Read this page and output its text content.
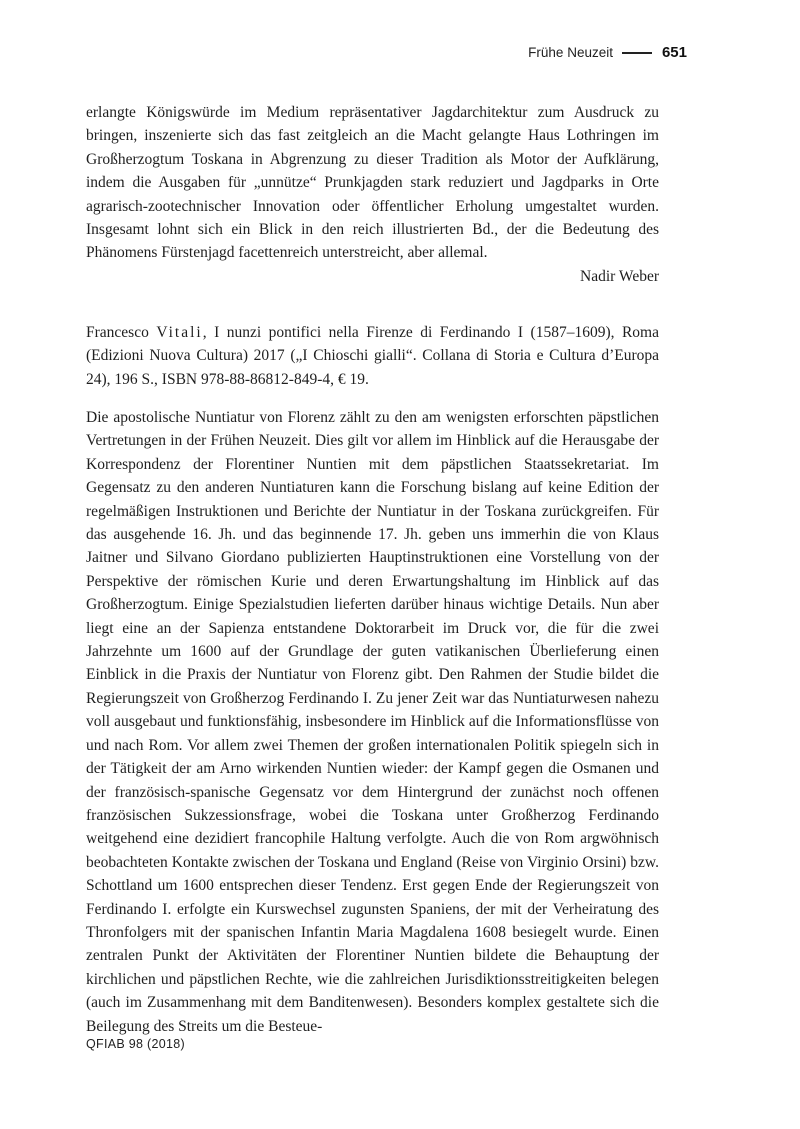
Frühe Neuzeit	651

erlangte Königswürde im Medium repräsentativer Jagdarchitektur zum Ausdruck zu bringen, inszenierte sich das fast zeitgleich an die Macht gelangte Haus Lothringen im Großherzogtum Toskana in Abgrenzung zu dieser Tradition als Motor der Aufklärung, indem die Ausgaben für „unnütze“ Prunkjagden stark reduziert und Jagdparks in Orte agrarisch-zootechnischer Innovation oder öffentlicher Erholung umgestaltet wurden. Insgesamt lohnt sich ein Blick in den reich illustrierten Bd., der die Bedeutung des Phänomens Fürstenjagd facettenreich unterstreicht, aber allemal.

Nadir Weber

Francesco Vitali, I nunzi pontifici nella Firenze di Ferdinando I (1587–1609), Roma (Edizioni Nuova Cultura) 2017 („I Chioschi gialli“. Collana di Storia e Cultura d’Europa 24), 196 S., ISBN 978-88-86812-849-4, € 19.

Die apostolische Nuntiatur von Florenz zählt zu den am wenigsten erforschten päpstlichen Vertretungen in der Frühen Neuzeit. Dies gilt vor allem im Hinblick auf die Herausgabe der Korrespondenz der Florentiner Nuntien mit dem päpstlichen Staatssekretariat. Im Gegensatz zu den anderen Nuntiaturen kann die Forschung bislang auf keine Edition der regelmäßigen Instruktionen und Berichte der Nuntiatur in der Toskana zurückgreifen. Für das ausgehende 16. Jh. und das beginnende 17. Jh. geben uns immerhin die von Klaus Jaitner und Silvano Giordano publizierten Hauptinstruktionen eine Vorstellung von der Perspektive der römischen Kurie und deren Erwartungshaltung im Hinblick auf das Großherzogtum. Einige Spezialstudien lieferten darüber hinaus wichtige Details. Nun aber liegt eine an der Sapienza entstandene Doktorarbeit im Druck vor, die für die zwei Jahrzehnte um 1600 auf der Grundlage der guten vatikanischen Überlieferung einen Einblick in die Praxis der Nuntiatur von Florenz gibt. Den Rahmen der Studie bildet die Regierungszeit von Großherzog Ferdinando I. Zu jener Zeit war das Nuntiaturwesen nahezu voll ausgebaut und funktionsfähig, insbesondere im Hinblick auf die Informationsflüsse von und nach Rom. Vor allem zwei Themen der großen internationalen Politik spiegeln sich in der Tätigkeit der am Arno wirkenden Nuntien wieder: der Kampf gegen die Osmanen und der französisch-spanische Gegensatz vor dem Hintergrund der zunächst noch offenen französischen Sukzessionsfrage, wobei die Toskana unter Großherzog Ferdinando weitgehend eine dezidiert francophile Haltung verfolgte. Auch die von Rom argwöhnisch beobachteten Kontakte zwischen der Toskana und England (Reise von Virginio Orsini) bzw. Schottland um 1600 entsprechen dieser Tendenz. Erst gegen Ende der Regierungszeit von Ferdinando I. erfolgte ein Kurswechsel zugunsten Spaniens, der mit der Verheiratung des Thronfolgers mit der spanischen Infantin Maria Magdalena 1608 besiegelt wurde. Einen zentralen Punkt der Aktivitäten der Florentiner Nuntien bildete die Behauptung der kirchlichen und päpstlichen Rechte, wie die zahlreichen Jurisdiktionsstreitigkeiten belegen (auch im Zusammenhang mit dem Banditenwesen). Besonders komplex gestaltete sich die Beilegung des Streits um die Besteue-

QFIAB 98 (2018)
